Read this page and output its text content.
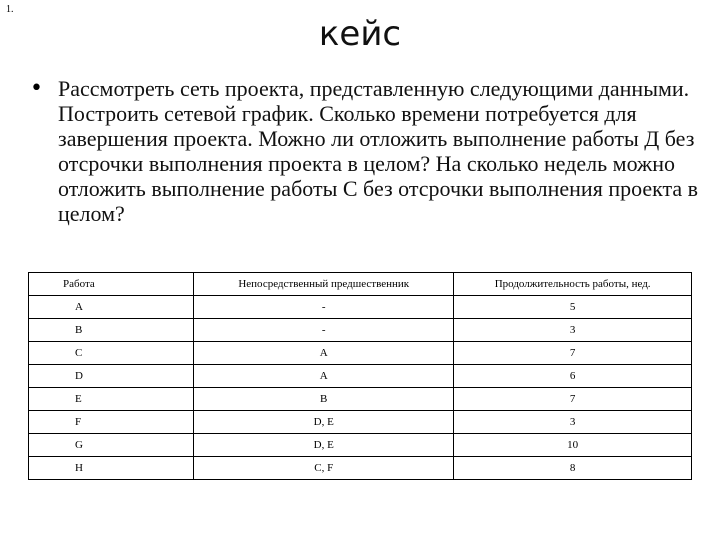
1.
кейс
• Рассмотреть сеть проекта, представленную следующими данными. Построить сетевой график. Сколько времени потребуется для завершения проекта. Можно ли отложить выполнение работы Д без отсрочки выполнения проекта в целом? На сколько недель можно отложить выполнение работы С без отсрочки выполнения проекта в целом?
Работа	Непосредственный предшественник	Продолжительность работы, нед.
A	-	5
B	-	3
C	A	7
D	A	6
E	B	7
F	D, E	3
G	D, E	10
H	C, F	8
